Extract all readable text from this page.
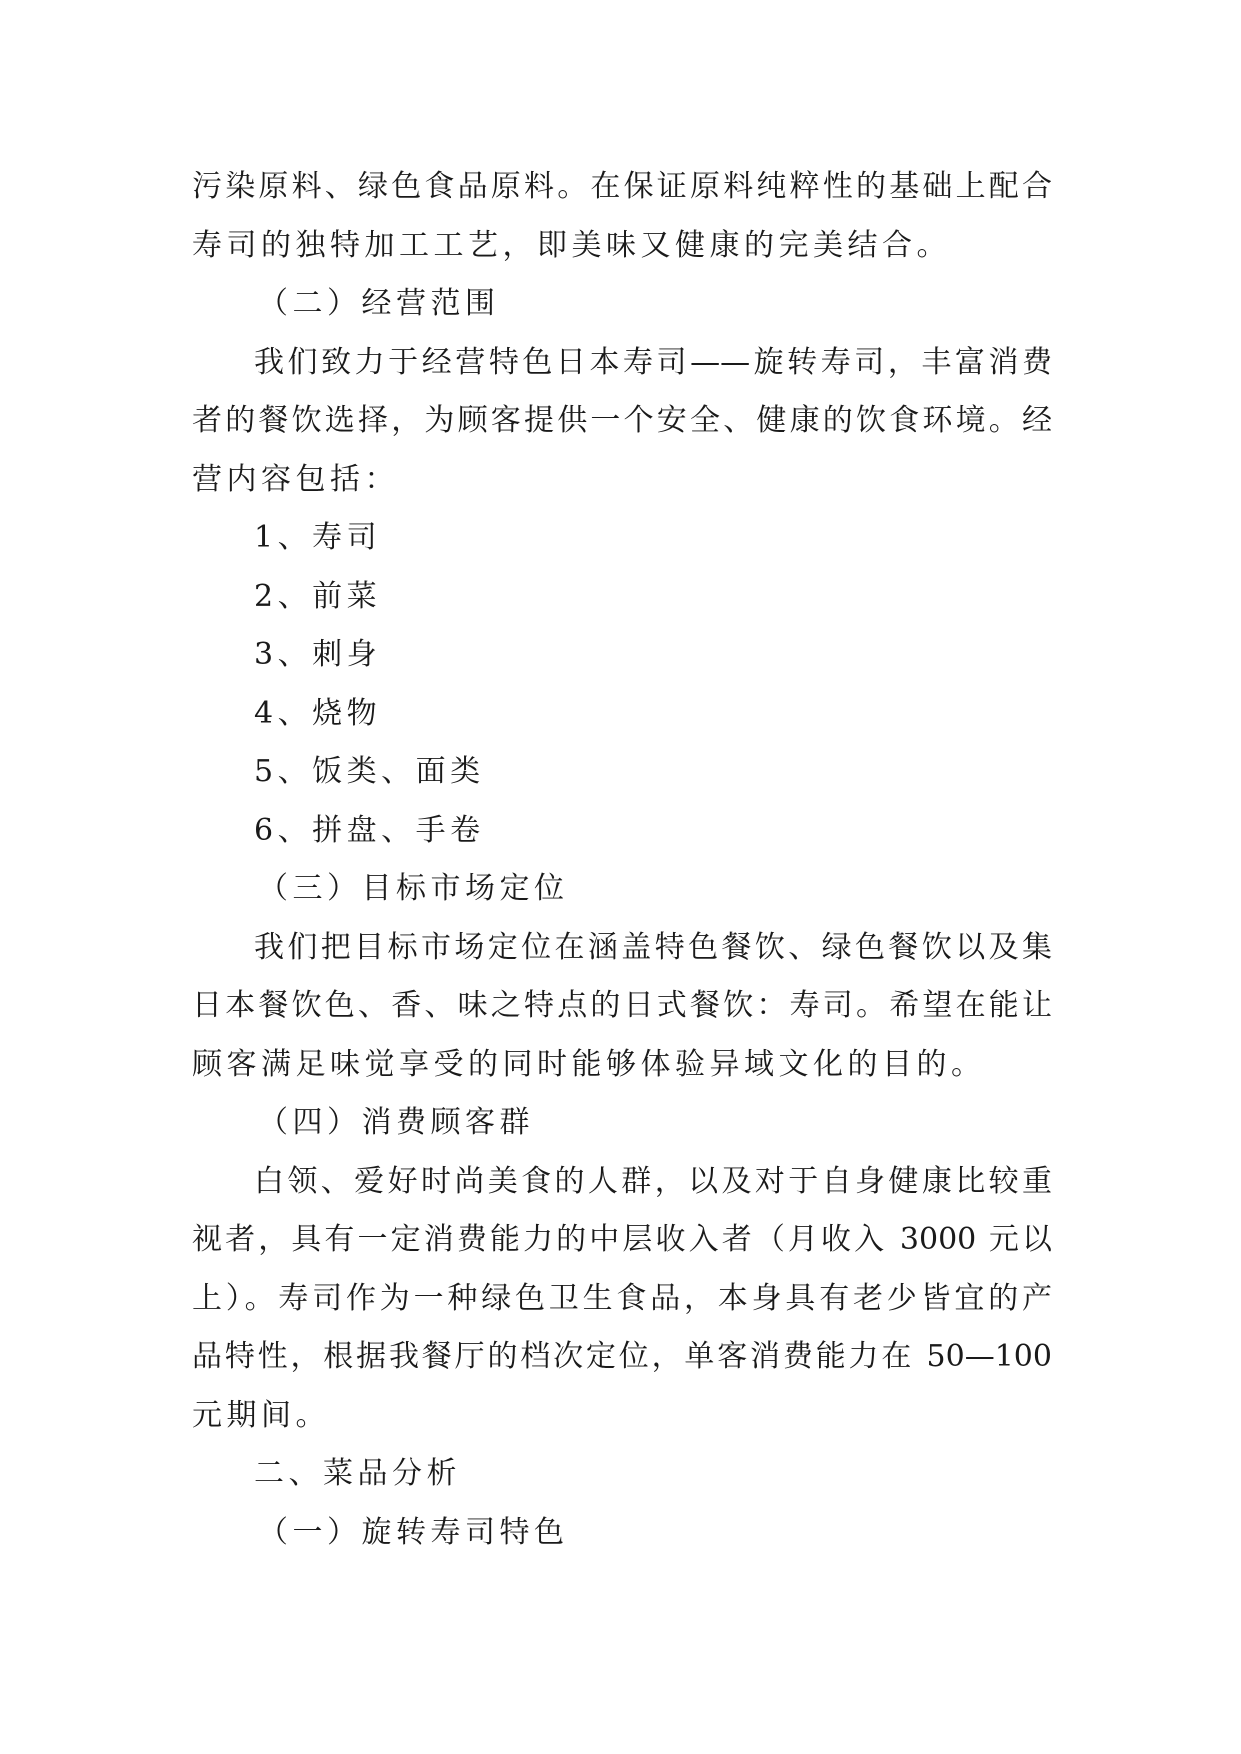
污染原料、绿色食品原料。在保证原料纯粹性的基础上配合
寿司的独特加工工艺，即美味又健康的完美结合。
（二）经营范围
我们致力于经营特色日本寿司——旋转寿司，丰富消费
者的餐饮选择，为顾客提供一个安全、健康的饮食环境。经
营内容包括：
1、寿司
2、前菜
3、刺身
4、烧物
5、饭类、面类
6、拼盘、手卷
（三）目标市场定位
我们把目标市场定位在涵盖特色餐饮、绿色餐饮以及集
日本餐饮色、香、味之特点的日式餐饮：寿司。希望在能让
顾客满足味觉享受的同时能够体验异域文化的目的。
（四）消费顾客群
白领、爱好时尚美食的人群，以及对于自身健康比较重
视者，具有一定消费能力的中层收入者（月收入 3000 元以
上）。寿司作为一种绿色卫生食品，本身具有老少皆宜的产
品特性，根据我餐厅的档次定位，单客消费能力在 50—100
元期间。
二、菜品分析
（一）旋转寿司特色
